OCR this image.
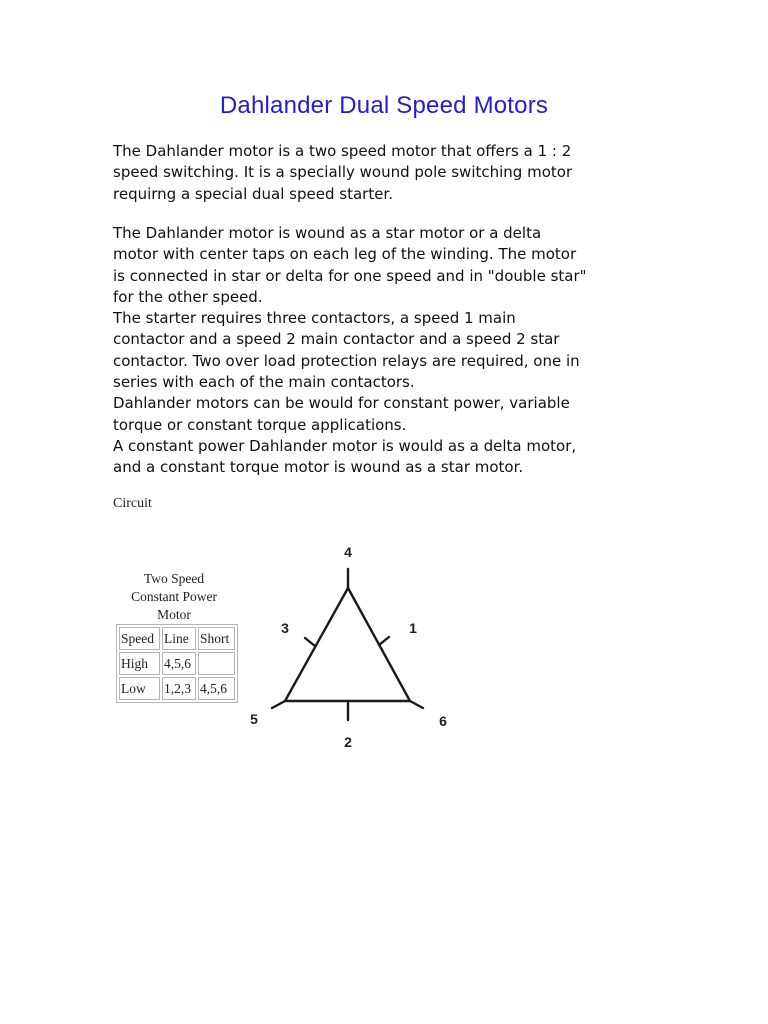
Dahlander Dual Speed Motors

The Dahlander motor is a two speed motor that offers a 1 : 2
speed switching. It is a specially wound pole switching motor
requirng a special dual speed starter.

The Dahlander motor is wound as a star motor or a delta
motor with center taps on each leg of the winding. The motor
is connected in star or delta for one speed and in "double star"
for the other speed.
The starter requires three contactors, a speed 1 main
contactor and a speed 2 main contactor and a speed 2 star
contactor. Two over load protection relays are required, one in
series with each of the main contactors.
Dahlander motors can be would for constant power, variable
torque or constant torque applications.
A constant power Dahlander motor is would as a delta motor,
and a constant torque motor is wound as a star motor.

Circuit
Two Speed
Constant Power
Motor
Speed	Line	Short
High	4,5,6	
Low	1,2,3	4,5,6
4
3	1
5	6
2
